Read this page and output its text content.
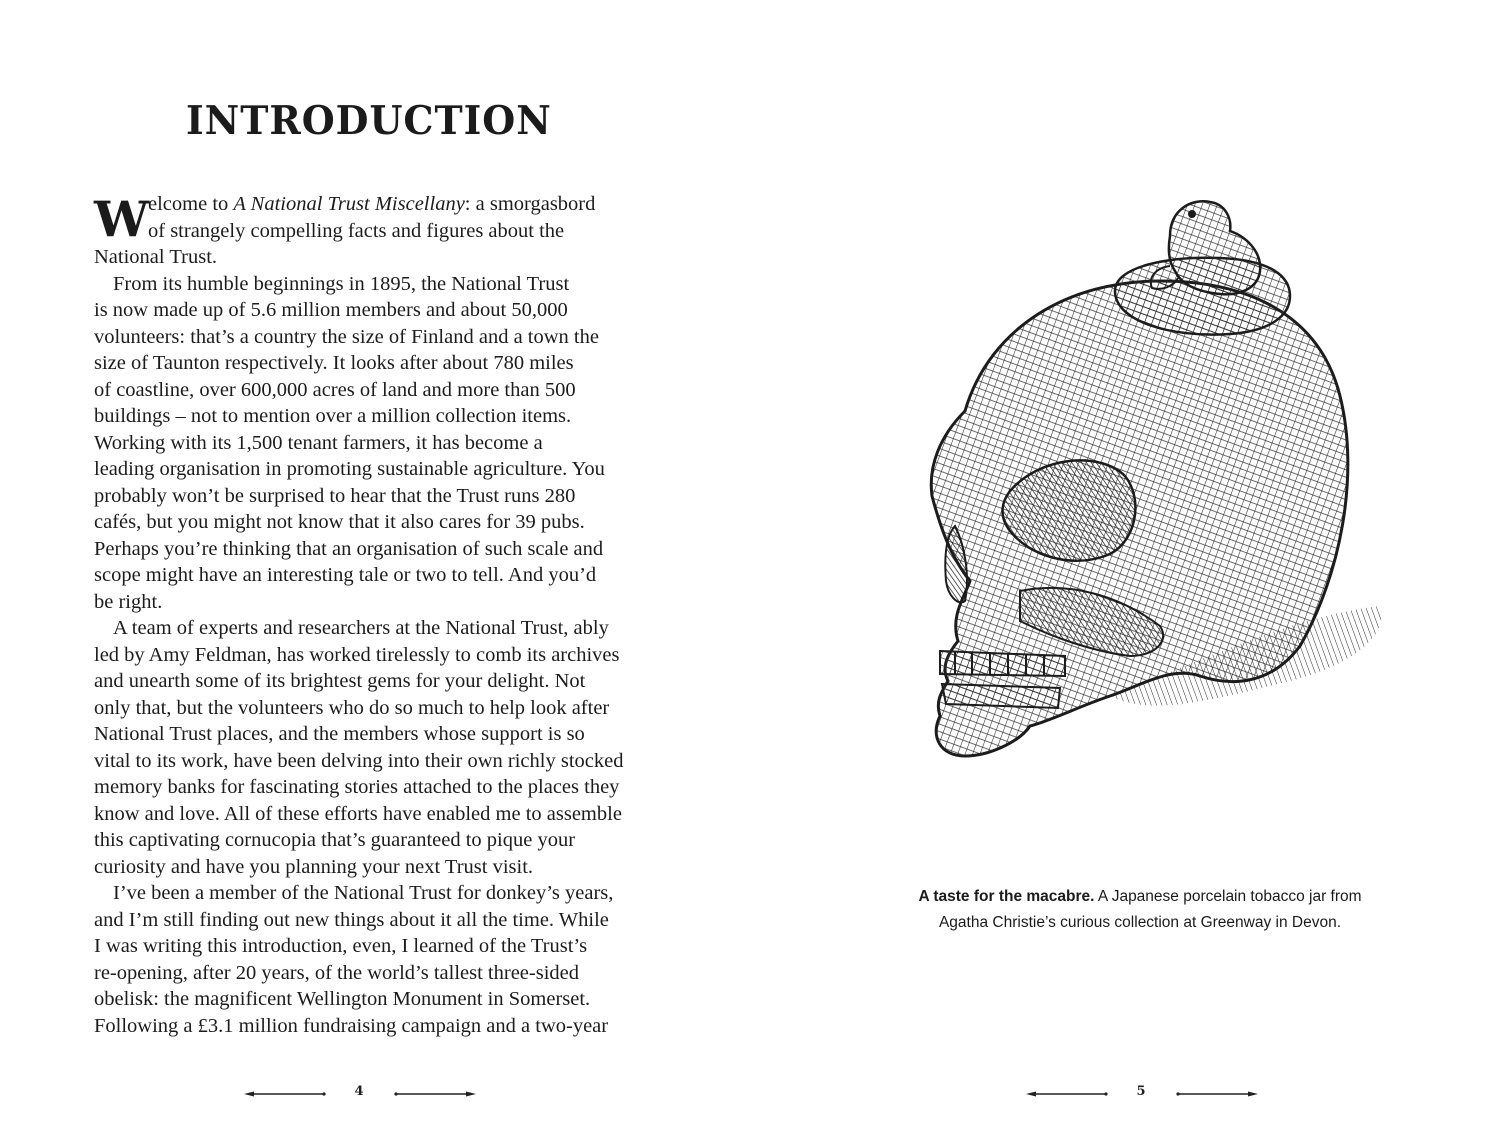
INTRODUCTION
W
elcome to A National Trust Miscellany: a smorgasbord
of strangely compelling facts and figures about the
National Trust.
From its humble beginnings in 1895, the National Trust
is now made up of 5.6 million members and about 50,000
volunteers: that’s a country the size of Finland and a town the
size of Taunton respectively. It looks after about 780 miles
of coastline, over 600,000 acres of land and more than 500
buildings – not to mention over a million collection items.
Working with its 1,500 tenant farmers, it has become a
leading organisation in promoting sustainable agriculture. You
probably won’t be surprised to hear that the Trust runs 280
cafés, but you might not know that it also cares for 39 pubs.
Perhaps you’re thinking that an organisation of such scale and
scope might have an interesting tale or two to tell. And you’d
be right.
A team of experts and researchers at the National Trust, ably
led by Amy Feldman, has worked tirelessly to comb its archives
and unearth some of its brightest gems for your delight. Not
only that, but the volunteers who do so much to help look after
National Trust places, and the members whose support is so
vital to its work, have been delving into their own richly stocked
memory banks for fascinating stories attached to the places they
know and love. All of these efforts have enabled me to assemble
this captivating cornucopia that’s guaranteed to pique your
curiosity and have you planning your next Trust visit.
I’ve been a member of the National Trust for donkey’s years,
and I’m still finding out new things about it all the time. While
I was writing this introduction, even, I learned of the Trust’s
re-opening, after 20 years, of the world’s tallest three-sided
obelisk: the magnificent Wellington Monument in Somerset.
Following a £3.1 million fundraising campaign and a two-year
4
A taste for the macabre. A Japanese porcelain tobacco jar from
Agatha Christie’s curious collection at Greenway in Devon.
5
